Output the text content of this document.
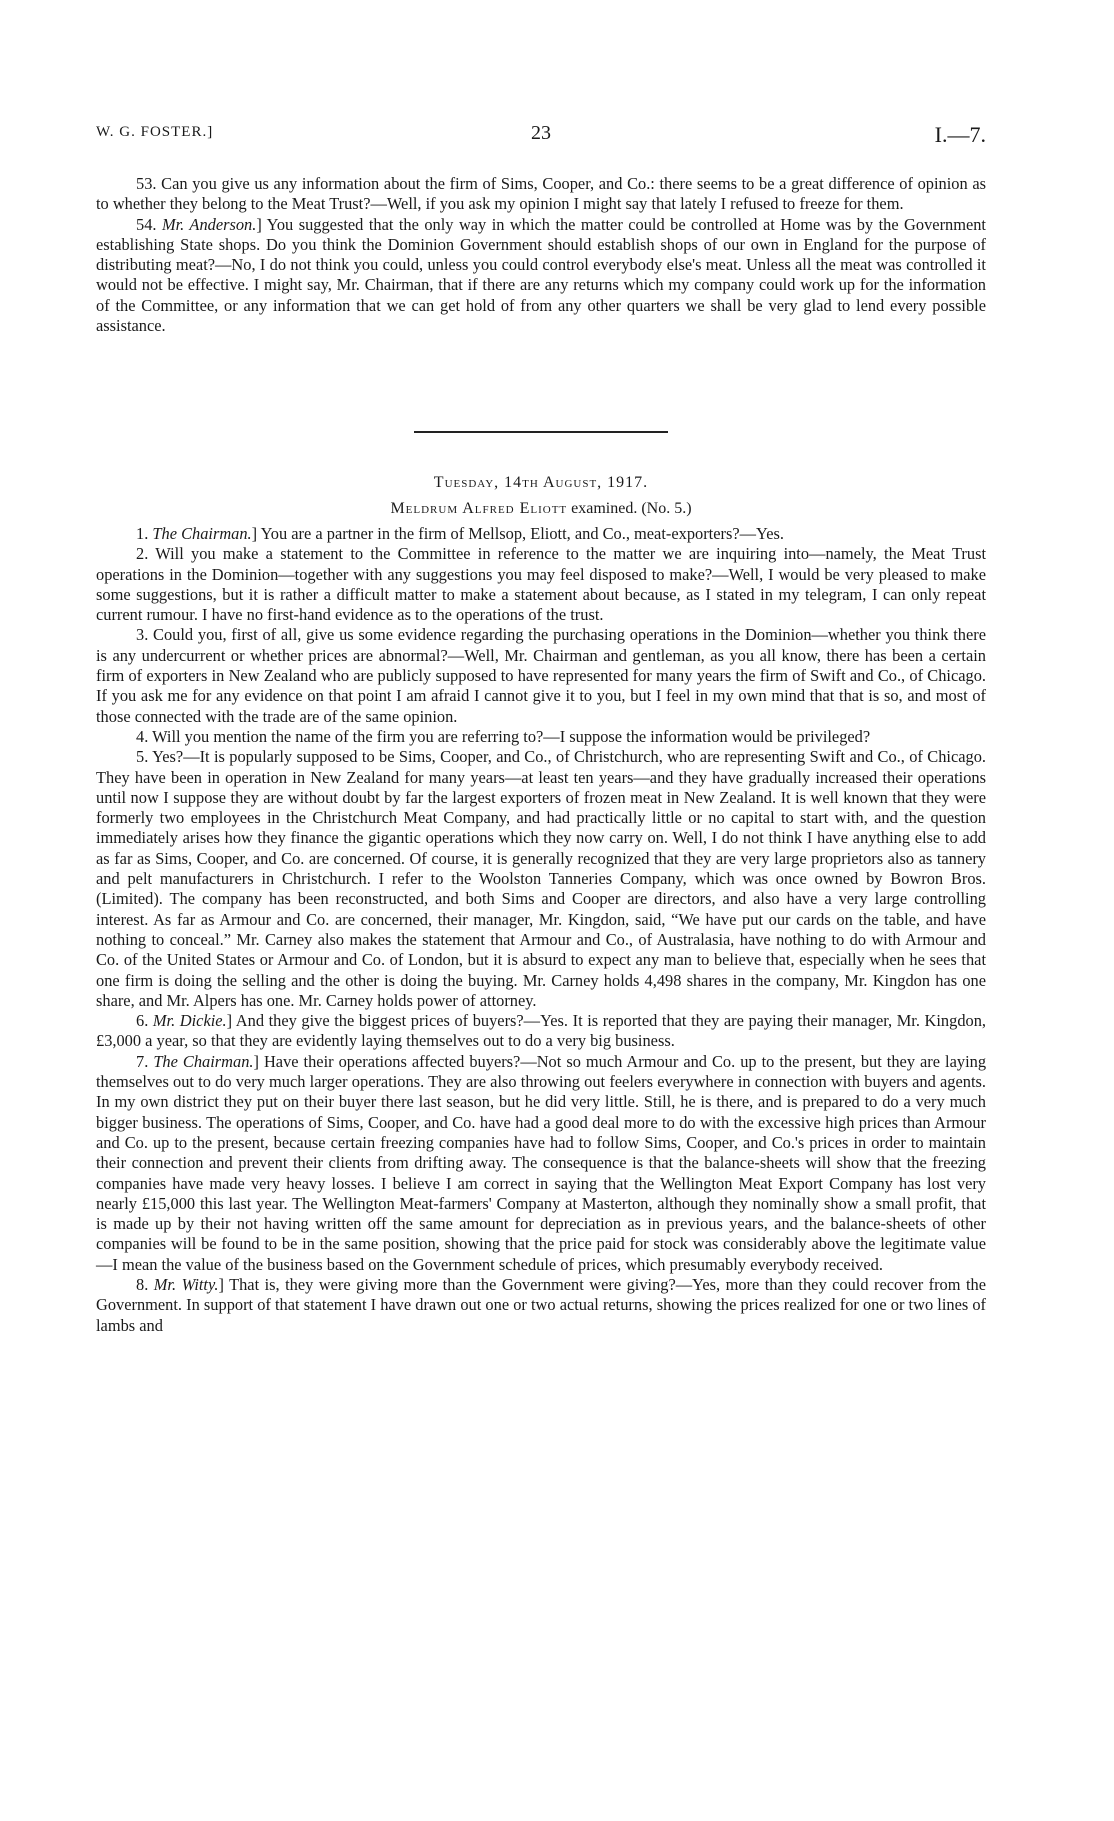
W. G. FOSTER.]	23	I.—7.

53. Can you give us any information about the firm of Sims, Cooper, and Co.: there seems to be a great difference of opinion as to whether they belong to the Meat Trust?—Well, if you ask my opinion I might say that lately I refused to freeze for them.

54. Mr. Anderson.] You suggested that the only way in which the matter could be controlled at Home was by the Government establishing State shops. Do you think the Dominion Government should establish shops of our own in England for the purpose of distributing meat?—No, I do not think you could, unless you could control everybody else's meat. Unless all the meat was controlled it would not be effective. I might say, Mr. Chairman, that if there are any returns which my company could work up for the information of the Committee, or any information that we can get hold of from any other quarters we shall be very glad to lend every possible assistance.

Tuesday, 14th August, 1917.

Meldrum Alfred Eliott examined. (No. 5.)

1. The Chairman.] You are a partner in the firm of Mellsop, Eliott, and Co., meat-exporters?—Yes.

2. Will you make a statement to the Committee in reference to the matter we are inquiring into—namely, the Meat Trust operations in the Dominion—together with any suggestions you may feel disposed to make?—Well, I would be very pleased to make some suggestions, but it is rather a difficult matter to make a statement about because, as I stated in my telegram, I can only repeat current rumour. I have no first-hand evidence as to the operations of the trust.

3. Could you, first of all, give us some evidence regarding the purchasing operations in the Dominion—whether you think there is any undercurrent or whether prices are abnormal?—Well, Mr. Chairman and gentleman, as you all know, there has been a certain firm of exporters in New Zealand who are publicly supposed to have represented for many years the firm of Swift and Co., of Chicago. If you ask me for any evidence on that point I am afraid I cannot give it to you, but I feel in my own mind that that is so, and most of those connected with the trade are of the same opinion.

4. Will you mention the name of the firm you are referring to?—I suppose the information would be privileged?

5. Yes?—It is popularly supposed to be Sims, Cooper, and Co., of Christchurch, who are representing Swift and Co., of Chicago. They have been in operation in New Zealand for many years—at least ten years—and they have gradually increased their operations until now I suppose they are without doubt by far the largest exporters of frozen meat in New Zealand. It is well known that they were formerly two employees in the Christchurch Meat Company, and had practically little or no capital to start with, and the question immediately arises how they finance the gigantic operations which they now carry on. Well, I do not think I have anything else to add as far as Sims, Cooper, and Co. are concerned. Of course, it is generally recognized that they are very large proprietors also as tannery and pelt manufacturers in Christchurch. I refer to the Woolston Tanneries Company, which was once owned by Bowron Bros. (Limited). The company has been reconstructed, and both Sims and Cooper are directors, and also have a very large controlling interest. As far as Armour and Co. are concerned, their manager, Mr. Kingdon, said, “We have put our cards on the table, and have nothing to conceal.” Mr. Carney also makes the statement that Armour and Co., of Australasia, have nothing to do with Armour and Co. of the United States or Armour and Co. of London, but it is absurd to expect any man to believe that, especially when he sees that one firm is doing the selling and the other is doing the buying. Mr. Carney holds 4,498 shares in the company, Mr. Kingdon has one share, and Mr. Alpers has one. Mr. Carney holds power of attorney.

6. Mr. Dickie.] And they give the biggest prices of buyers?—Yes. It is reported that they are paying their manager, Mr. Kingdon, £3,000 a year, so that they are evidently laying themselves out to do a very big business.

7. The Chairman.] Have their operations affected buyers?—Not so much Armour and Co. up to the present, but they are laying themselves out to do very much larger operations. They are also throwing out feelers everywhere in connection with buyers and agents. In my own district they put on their buyer there last season, but he did very little. Still, he is there, and is prepared to do a very much bigger business. The operations of Sims, Cooper, and Co. have had a good deal more to do with the excessive high prices than Armour and Co. up to the present, because certain freezing companies have had to follow Sims, Cooper, and Co.'s prices in order to maintain their connection and prevent their clients from drifting away. The consequence is that the balance-sheets will show that the freezing companies have made very heavy losses. I believe I am correct in saying that the Wellington Meat Export Company has lost very nearly £15,000 this last year. The Wellington Meat-farmers' Company at Masterton, although they nominally show a small profit, that is made up by their not having written off the same amount for depreciation as in previous years, and the balance-sheets of other companies will be found to be in the same position, showing that the price paid for stock was considerably above the legitimate value—I mean the value of the business based on the Government schedule of prices, which presumably everybody received.

8. Mr. Witty.] That is, they were giving more than the Government were giving?—Yes, more than they could recover from the Government. In support of that statement I have drawn out one or two actual returns, showing the prices realized for one or two lines of lambs and
